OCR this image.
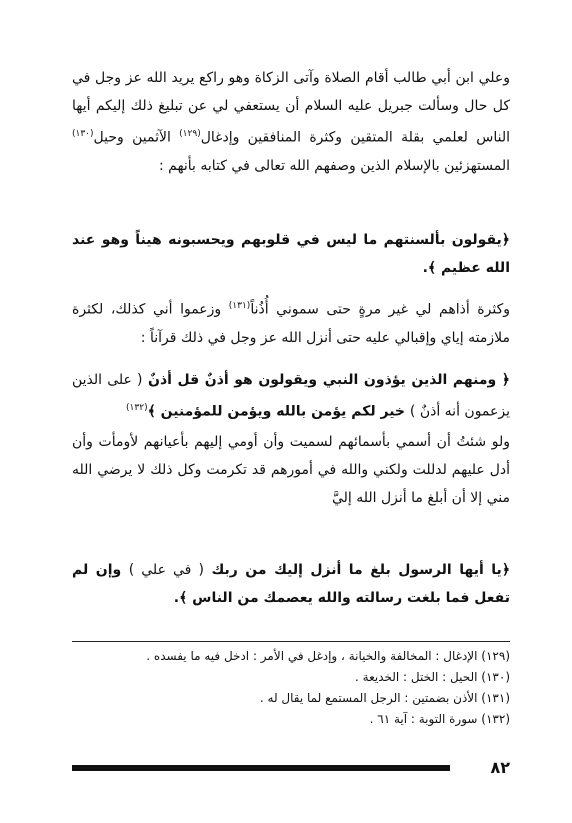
وعلي ابن أبي طالب أقام الصلاة وآتى الزكاة وهو راكع يريد الله عز وجل في كل حال وسألت جبريل عليه السلام أن يستعفي لي عن تبليغ ذلك إليكم أيها الناس لعلمي بقلة المتقين وكثرة المنافقين وإدغال$^{(١٢٩)}$ الآثمين وحيل$^{(١٣٠)}$ المستهزئين بالإسلام الذين وصفهم الله تعالى في كتابه بأنهم :

﴿يقولون بألسنتهم ما ليس في قلوبهم ويحسبونه هيناً وهو عند الله عظيم ﴾.

وكثرة أذاهم لي غير مرةٍ حتى سموني أُذُناً$^{(١٣١)}$ وزعموا أني كذلك، لكثرة ملازمته إياي وإقبالي عليه حتى أنزل الله عز وجل في ذلك قرآناً :

﴿ ومنهم الذين يؤذون النبي ويقولون هو أذنٌ قل أذنٌ ( على الذين يزعمون أنه أذنٌ ) خير لكم يؤمن بالله ويؤمن للمؤمنين ﴾$^{(١٣٢)}$

ولو شئتُ أن أسمي بأسمائهم لسميت وأن أومي إليهم بأعيانهم لأومأت وأن أدل عليهم لدللت ولكني والله في أمورهم قد تكرمت وكل ذلك لا يرضي الله مني إلا أن أبلغ ما أنزل الله إليَّ

﴿يا أيها الرسول بلغ ما أنزل إليك من ربك ( في علي ) وإن لم تفعل فما بلغت رسالته والله يعصمك من الناس ﴾.

(١٢٩) الإدغال : المخالفة والخيانة ، وإدغل في الأمر : ادخل فيه ما يفسده .
(١٣٠) الحيل : الختل : الخديعة .
(١٣١) الأذن بضمتين : الرجل المستمع لما يقال له .
(١٣٢) سورة التوبة : آية ٦١ .
٨٢
